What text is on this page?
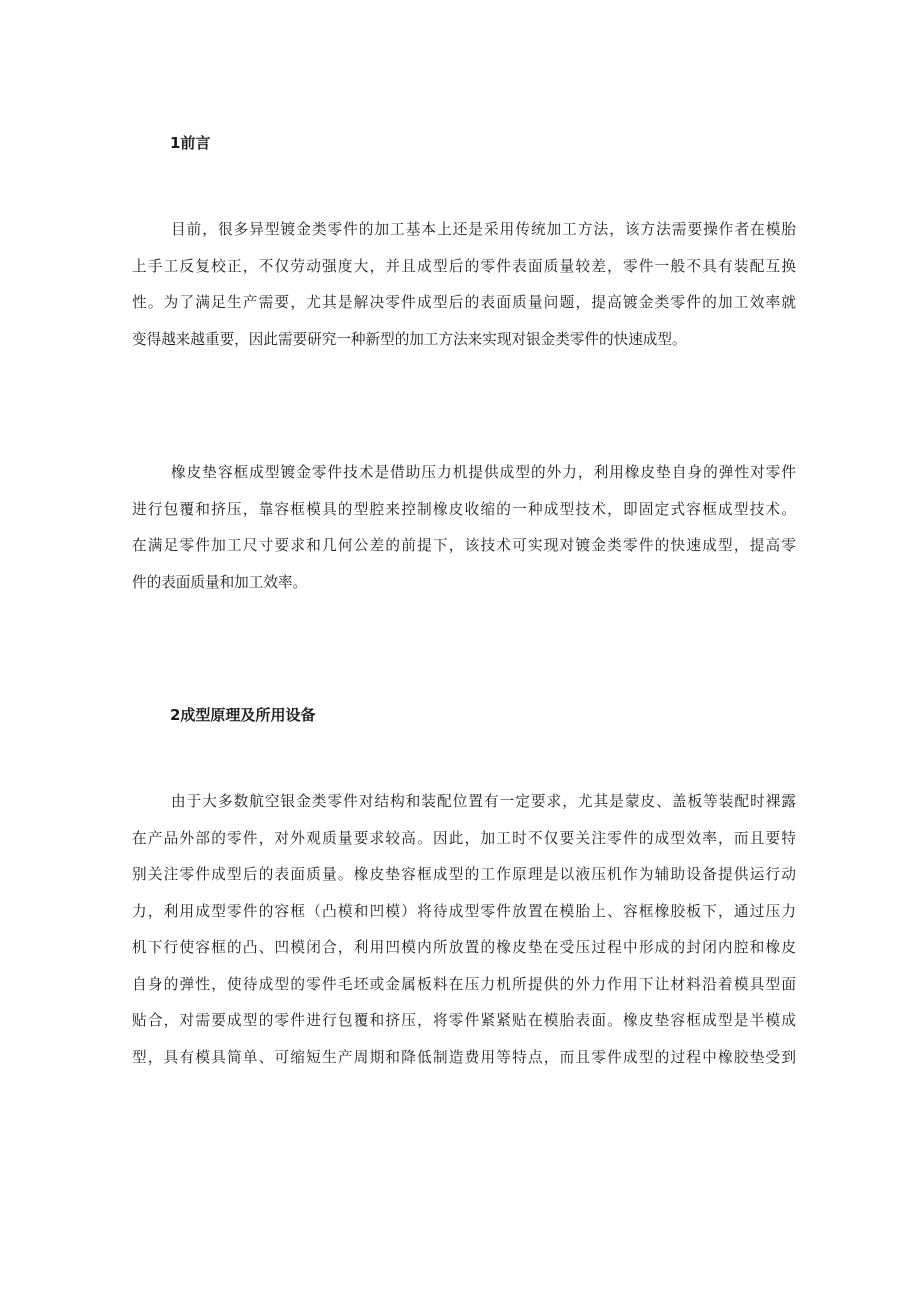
1前言
目前，很多异型镀金类零件的加工基本上还是采用传统加工方法，该方法需要操作者在模胎
上手工反复校正，不仅劳动强度大，并且成型后的零件表面质量较差，零件一般不具有装配互换
性。为了满足生产需要，尤其是解决零件成型后的表面质量问题，提高镀金类零件的加工效率就
变得越来越重要，因此需要研究一种新型的加工方法来实现对银金类零件的快速成型。
橡皮垫容框成型镀金零件技术是借助压力机提供成型的外力，利用橡皮垫自身的弹性对零件
进行包覆和挤压，靠容框模具的型腔来控制橡皮收缩的一种成型技术，即固定式容框成型技术。
在满足零件加工尺寸要求和几何公差的前提下，该技术可实现对镀金类零件的快速成型，提高零
件的表面质量和加工效率。
2成型原理及所用设备
由于大多数航空银金类零件对结构和装配位置有一定要求，尤其是蒙皮、盖板等装配时裸露
在产品外部的零件，对外观质量要求较高。因此，加工时不仅要关注零件的成型效率，而且要特
别关注零件成型后的表面质量。橡皮垫容框成型的工作原理是以液压机作为辅助设备提供运行动
力，利用成型零件的容框（凸模和凹模）将待成型零件放置在模胎上、容框橡胶板下，通过压力
机下行使容框的凸、凹模闭合，利用凹模内所放置的橡皮垫在受压过程中形成的封闭内腔和橡皮
自身的弹性，使待成型的零件毛坯或金属板料在压力机所提供的外力作用下让材料沿着模具型面
贴合，对需要成型的零件进行包覆和挤压，将零件紧紧贴在模胎表面。橡皮垫容框成型是半模成
型，具有模具简单、可缩短生产周期和降低制造费用等特点，而且零件成型的过程中橡胶垫受到
